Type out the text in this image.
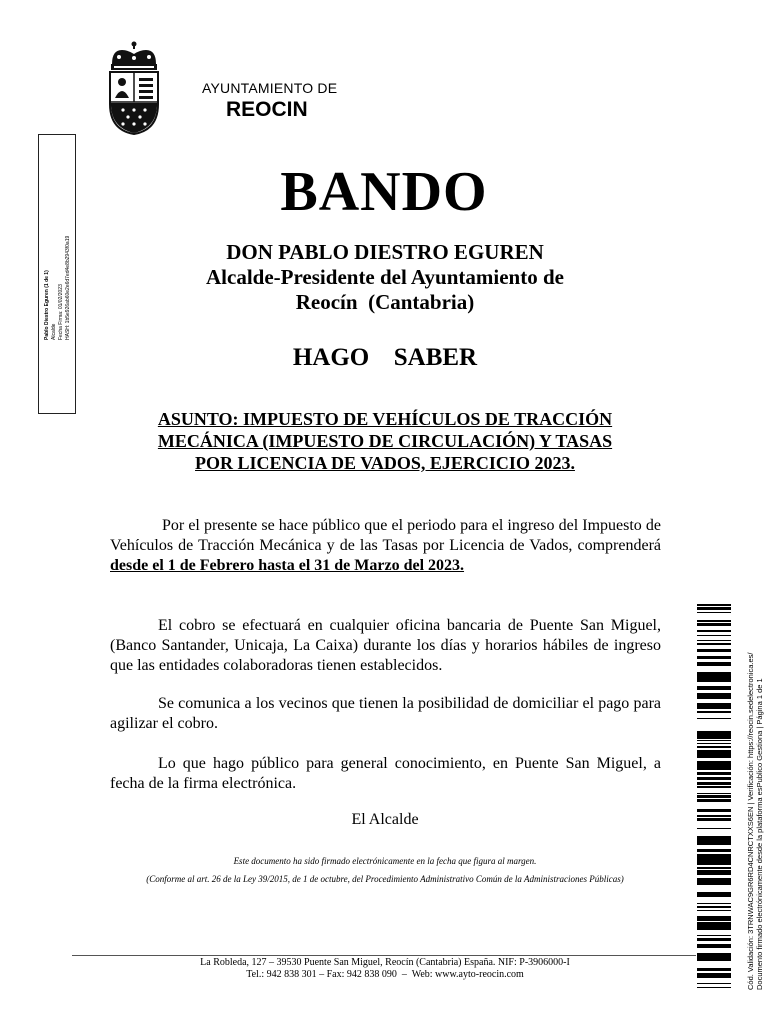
AYUNTAMIENTO DE
REOCIN
Pablo Diestro Eguren (1 de 1) Alcalde Fecha Firma: 01/02/2023 HASH: 1b5e926ab60e2e6d7ed4e8b2943f0a19
BANDO
DON PABLO DIESTRO EGUREN
Alcalde-Presidente del Ayuntamiento de
Reocín  (Cantabria)
HAGO  SABER
ASUNTO: IMPUESTO DE VEHÍCULOS DE TRACCIÓN
MECÁNICA (IMPUESTO DE CIRCULACIÓN) Y TASAS
POR LICENCIA DE VADOS, EJERCICIO 2023.
Por el presente se hace público que el periodo para el ingreso del Impuesto de Vehículos de Tracción Mecánica y de las Tasas por Licencia de Vados, comprenderá desde el 1 de Febrero hasta el 31 de Marzo del 2023.
El cobro se efectuará en cualquier oficina bancaria de Puente San Miguel, (Banco Santander, Unicaja, La Caixa) durante los días y horarios hábiles de ingreso que las entidades colaboradoras tienen establecidos.
Se comunica a los vecinos que tienen la posibilidad de domiciliar el pago para agilizar el cobro.
Lo que hago público para general conocimiento, en Puente San Miguel, a fecha de la firma electrónica.
El Alcalde
Este documento ha sido firmado electrónicamente en la fecha que figura al margen.
(Conforme al art. 26 de la Ley 39/2015, de 1 de octubre, del Procedimiento Administrativo Común de la Administraciones Públicas)
La Robleda, 127 – 39530 Puente San Miguel, Reocín (Cantabria) España. NIF: P-3906000-I
Tel.: 942 838 301 – Fax: 942 838 090  –  Web: www.ayto-reocin.com	Cód. Validación: 3TRNWAC9GR6RD4CNRCTXXS6EN | Verificación: https://reocin.sedelectronica.es/ Documento firmado electrónicamente desde la plataforma esPublico Gestiona | Página 1 de 1
